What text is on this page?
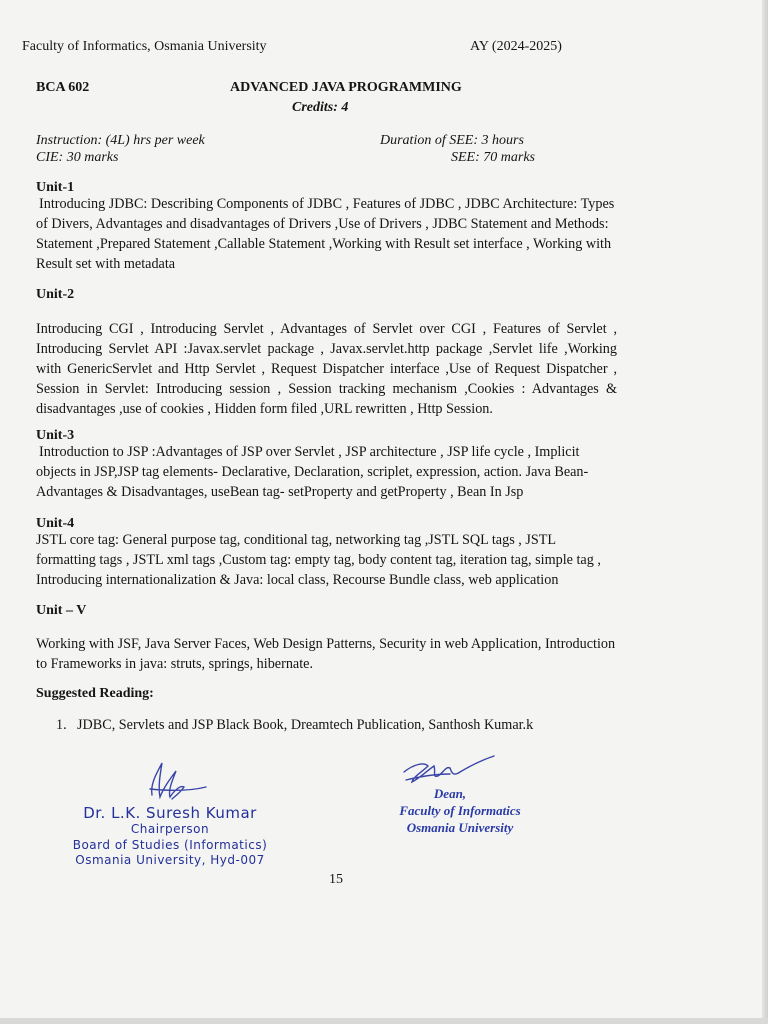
Faculty of Informatics, Osmania University	AY (2024-2025)
BCA 602	ADVANCED JAVA PROGRAMMING
Credits: 4
Instruction: (4L) hrs per week
CIE: 30 marks
Duration of SEE: 3 hours
SEE: 70 marks
Unit-1
Introducing JDBC: Describing Components of JDBC , Features of JDBC , JDBC Architecture: Types of Divers, Advantages and disadvantages of Drivers ,Use of Drivers , JDBC Statement and Methods: Statement ,Prepared Statement ,Callable Statement ,Working with Result set interface , Working with Result set with metadata
Unit-2
Introducing CGI , Introducing Servlet , Advantages of Servlet over CGI , Features of Servlet , Introducing Servlet API :Javax.servlet package , Javax.servlet.http package ,Servlet life ,Working with GenericServlet and Http Servlet , Request Dispatcher interface ,Use of Request Dispatcher , Session in Servlet: Introducing session , Session tracking mechanism ,Cookies : Advantages & disadvantages ,use of cookies , Hidden form filed ,URL rewritten , Http Session.
Unit-3
Introduction to JSP :Advantages of JSP over Servlet , JSP architecture , JSP life cycle , Implicit objects in JSP,JSP tag elements- Declarative, Declaration, scriplet, expression, action. Java Bean- Advantages & Disadvantages, useBean tag- setProperty and getProperty , Bean In Jsp
Unit-4
JSTL core tag: General purpose tag, conditional tag, networking tag ,JSTL SQL tags , JSTL formatting tags , JSTL xml tags ,Custom tag: empty tag, body content tag, iteration tag, simple tag , Introducing internationalization & Java: local class, Recourse Bundle class, web application
Unit – V
Working with JSF, Java Server Faces, Web Design Patterns, Security in web Application, Introduction to Frameworks in java: struts, springs, hibernate.
Suggested Reading:
1. JDBC, Servlets and JSP Black Book, Dreamtech Publication, Santhosh Kumar.k
Dr. L.K. Suresh Kumar
Chairperson
Board of Studies (Informatics)
Osmania University, Hyd-007
Dean,
Faculty of Informatics
Osmania University
15
